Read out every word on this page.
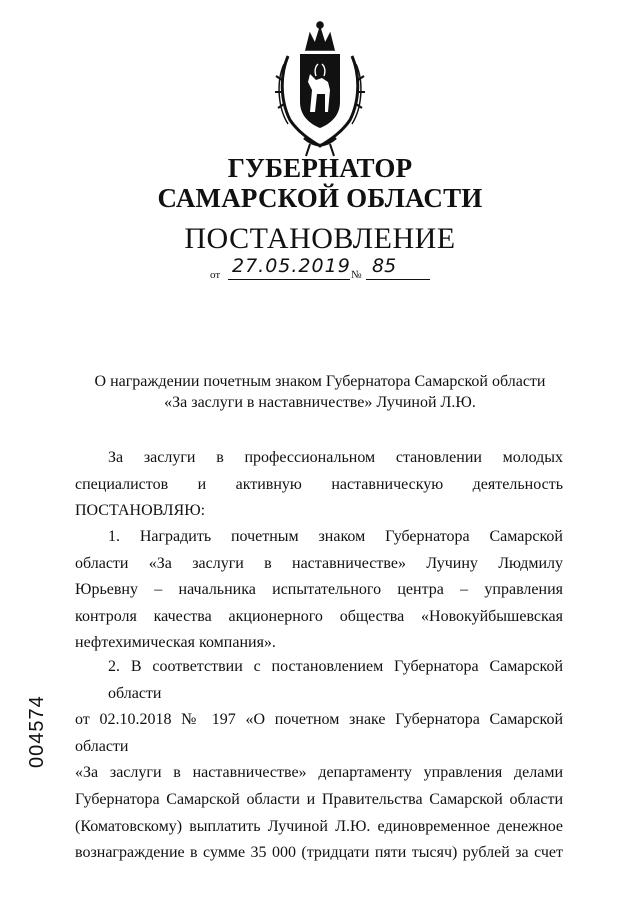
ГУБЕРНАТОР
САМАРСКОЙ ОБЛАСТИ
ПОСТАНОВЛЕНИЕ
от 27.05.2019 № 85
О награждении почетным знаком Губернатора Самарской области
«За заслуги в наставничестве» Лучиной Л.Ю.
За заслуги в профессиональном становлении молодых
специалистов и активную наставническую деятельность
ПОСТАНОВЛЯЮ:
1. Наградить почетным знаком Губернатора Самарской
области «За заслуги в наставничестве» Лучину Людмилу
Юрьевну – начальника испытательного центра – управления
контроля качества акционерного общества «Новокуйбышевская
нефтехимическая компания».
2. В соответствии с постановлением Губернатора Самарской области
от 02.10.2018 № 197 «О почетном знаке Губернатора Самарской области
«За заслуги в наставничестве» департаменту управления делами
Губернатора Самарской области и Правительства Самарской области
(Коматовскому) выплатить Лучиной Л.Ю. единовременное денежное
вознаграждение в сумме 35 000 (тридцати пяти тысяч) рублей за счет
004574
